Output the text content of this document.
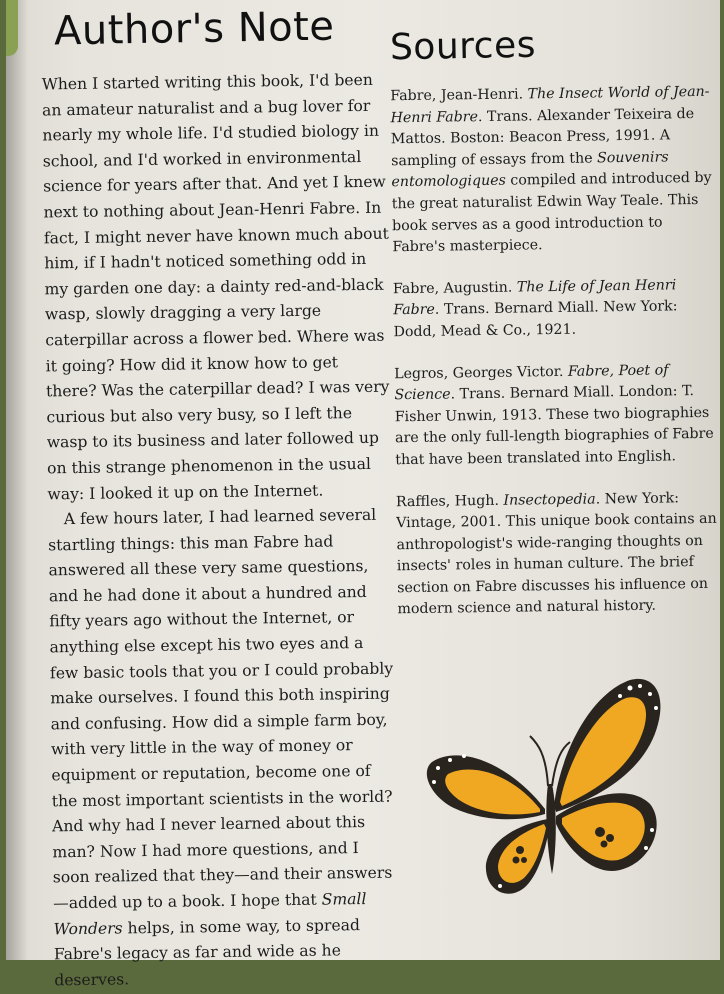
Author's Note

When I started writing this book, I'd been an amateur naturalist and a bug lover for nearly my whole life. I'd studied biology in school, and I'd worked in environmental science for years after that. And yet I knew next to nothing about Jean-Henri Fabre. In fact, I might never have known much about him, if I hadn't noticed something odd in my garden one day: a dainty red-and-black wasp, slowly dragging a very large caterpillar across a flower bed. Where was it going? How did it know how to get there? Was the caterpillar dead? I was very curious but also very busy, so I left the wasp to its business and later followed up on this strange phenomenon in the usual way: I looked it up on the Internet.

A few hours later, I had learned several startling things: this man Fabre had answered all these very same questions, and he had done it about a hundred and fifty years ago without the Internet, or anything else except his two eyes and a few basic tools that you or I could probably make ourselves. I found this both inspiring and confusing. How did a simple farm boy, with very little in the way of money or equipment or reputation, become one of the most important scientists in the world? And why had I never learned about this man? Now I had more questions, and I soon realized that they—and their answers—added up to a book. I hope that Small Wonders helps, in some way, to spread Fabre's legacy as far and wide as he deserves.

Sources

Fabre, Jean-Henri. The Insect World of Jean-Henri Fabre. Trans. Alexander Teixeira de Mattos. Boston: Beacon Press, 1991. A sampling of essays from the Souvenirs entomologiques compiled and introduced by the great naturalist Edwin Way Teale. This book serves as a good introduction to Fabre's masterpiece.

Fabre, Augustin. The Life of Jean Henri Fabre. Trans. Bernard Miall. New York: Dodd, Mead & Co., 1921.

Legros, Georges Victor. Fabre, Poet of Science. Trans. Bernard Miall. London: T. Fisher Unwin, 1913. These two biographies are the only full-length biographies of Fabre that have been translated into English.

Raffles, Hugh. Insectopedia. New York: Vintage, 2001. This unique book contains an anthropologist's wide-ranging thoughts on insects' roles in human culture. The brief section on Fabre discusses his influence on modern science and natural history.
